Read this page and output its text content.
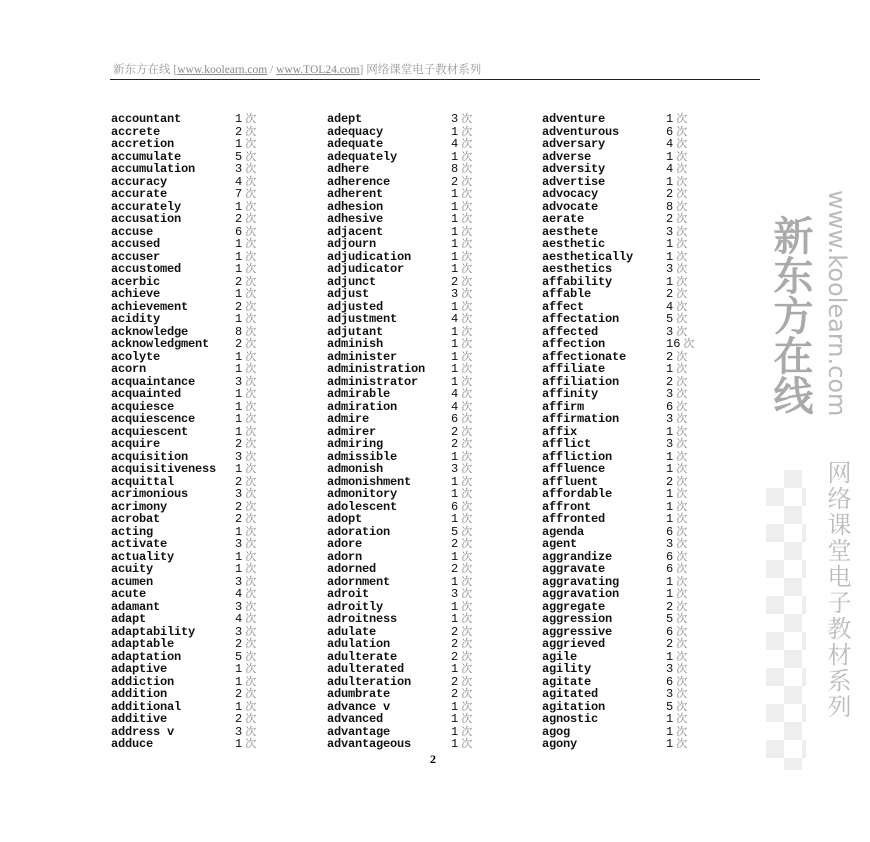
新东方在线 [www.koolearn.com / www.TOL24.com] 网络课堂电子教材系列
新东方在线 www.koolearn.com
网络课堂电子教材系列
accountant	1 次
accrete	2 次
accretion	1 次
accumulate	5 次
accumulation	3 次
accuracy	4 次
accurate	7 次
accurately	1 次
accusation	2 次
accuse	6 次
accused	1 次
accuser	1 次
accustomed	1 次
acerbic	2 次
achieve	1 次
achievement	2 次
acidity	1 次
acknowledge	8 次
acknowledgment 2 次
acolyte	1 次
acorn	1 次
acquaintance	3 次
acquainted	1 次
acquiesce	1 次
acquiescence	1 次
acquiescent	1 次
acquire	2 次
acquisition	3 次
acquisitiveness 1 次
acquittal	2 次
acrimonious	3 次
acrimony	2 次
acrobat	2 次
acting	1 次
activate	3 次
actuality	1 次
acuity	1 次
acumen	3 次
acute	4 次
adamant	3 次
adapt	4 次
adaptability	3 次
adaptable	2 次
adaptation	5 次
adaptive	1 次
addiction	1 次
addition	2 次
additional	1 次
additive	2 次
address v	3 次
adduce	1 次
adept	3 次
adequacy	1 次
adequate	4 次
adequately	1 次
adhere	8 次
adherence	2 次
adherent	1 次
adhesion	1 次
adhesive	1 次
adjacent	1 次
adjourn	1 次
adjudication	1 次
adjudicator	1 次
adjunct	2 次
adjust	3 次
adjusted	1 次
adjustment	4 次
adjutant	1 次
adminish	1 次
administer	1 次
administration 1 次
administrator	1 次
admirable	4 次
admiration	4 次
admire	6 次
admirer	2 次
admiring	2 次
admissible	1 次
admonish	3 次
admonishment	1 次
admonitory	1 次
adolescent	6 次
adopt	1 次
adoration	5 次
adore	2 次
adorn	1 次
adorned	2 次
adornment	1 次
adroit	3 次
adroitly	1 次
adroitness	1 次
adulate	2 次
adulation	2 次
adulterate	2 次
adulterated	1 次
adulteration	2 次
adumbrate	2 次
advance v	1 次
advanced	1 次
advantage	1 次
advantageous	1 次
adventure	1 次
adventurous	6 次
adversary	4 次
adverse	1 次
adversity	4 次
advertise	1 次
advocacy	2 次
advocate	8 次
aerate	2 次
aesthete	3 次
aesthetic	1 次
aesthetically	1 次
aesthetics	3 次
affability	1 次
affable	2 次
affect	4 次
affectation	5 次
affected	3 次
affection	16 次
affectionate	2 次
affiliate	1 次
affiliation	2 次
affinity	3 次
affirm	6 次
affirmation	3 次
affix	1 次
afflict	3 次
affliction	1 次
affluence	1 次
affluent	2 次
affordable	1 次
affront	1 次
affronted	1 次
agenda	6 次
agent	3 次
aggrandize	6 次
aggravate	6 次
aggravating	1 次
aggravation	1 次
aggregate	2 次
aggression	5 次
aggressive	6 次
aggrieved	2 次
agile	1 次
agility	3 次
agitate	6 次
agitated	3 次
agitation	5 次
agnostic	1 次
agog	1 次
agony	1 次
2
